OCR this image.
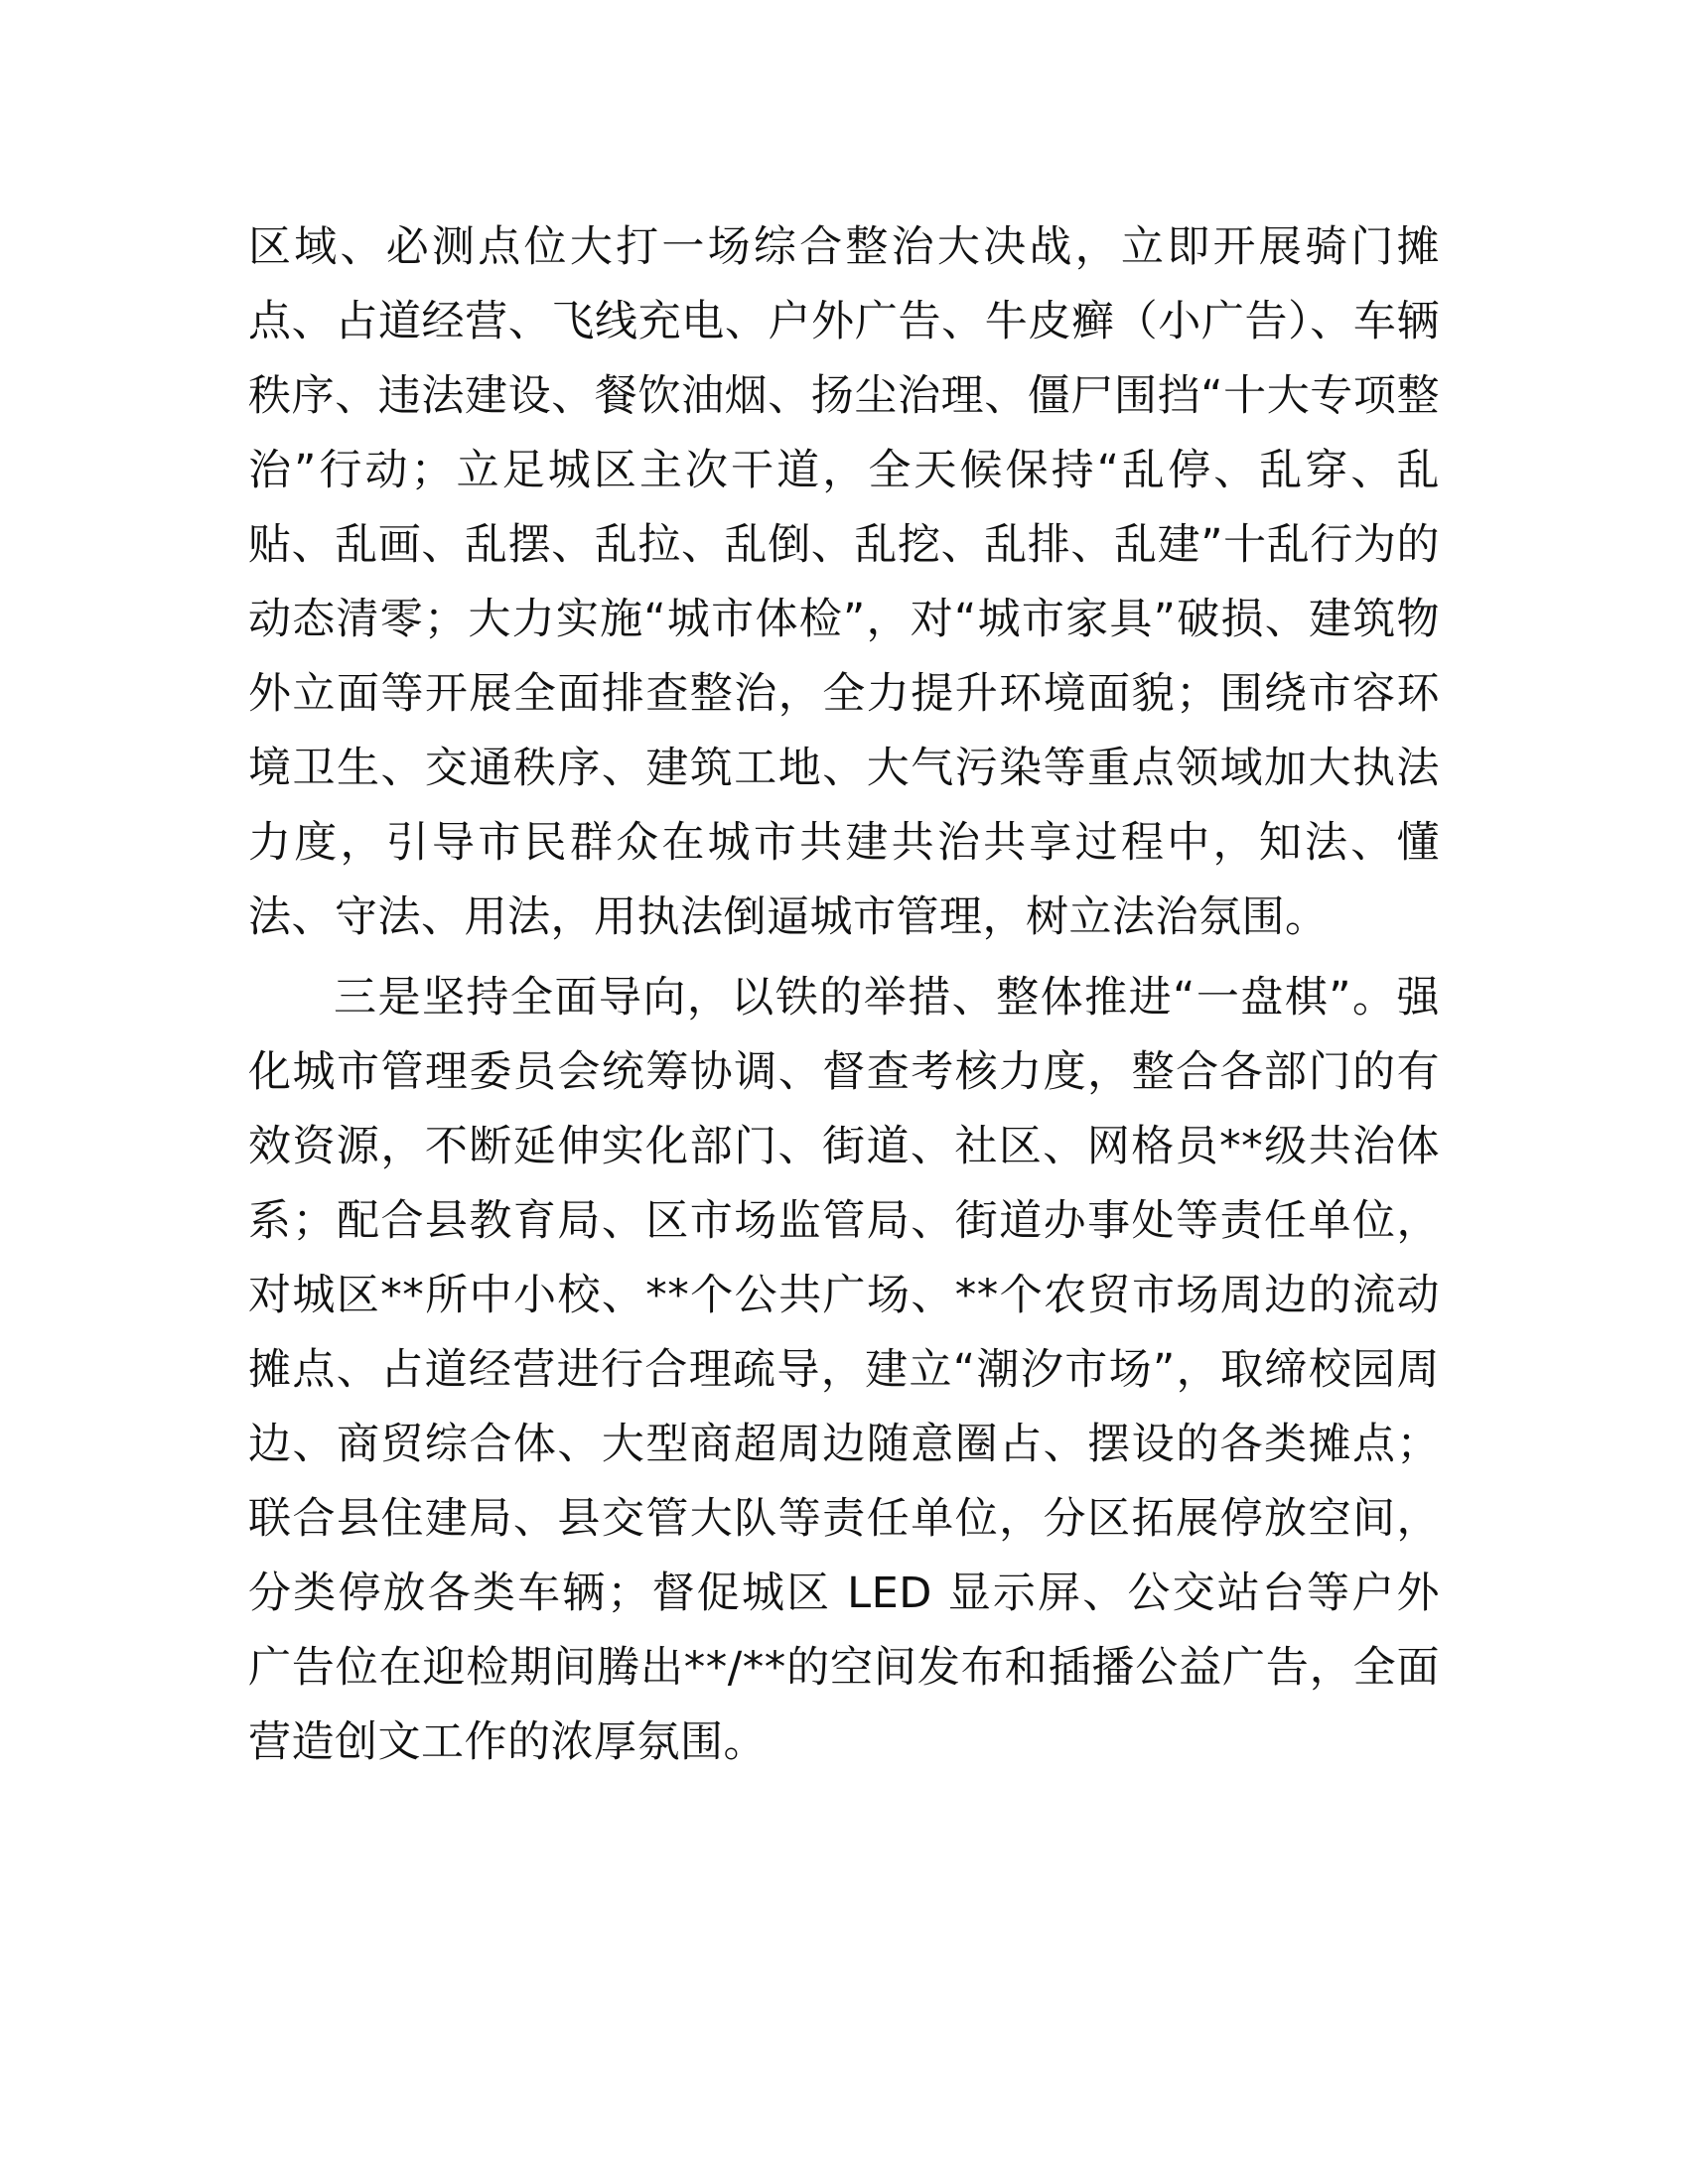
区域、必测点位大打一场综合整治大决战，立即开展骑门摊点、占道经营、飞线充电、户外广告、牛皮癣（小广告）、车辆秩序、违法建设、餐饮油烟、扬尘治理、僵尸围挡“十大专项整治”行动；立足城区主次干道，全天候保持“乱停、乱穿、乱贴、乱画、乱摆、乱拉、乱倒、乱挖、乱排、乱建”十乱行为的动态清零；大力实施“城市体检”，对“城市家具”破损、建筑物外立面等开展全面排查整治，全力提升环境面貌；围绕市容环境卫生、交通秩序、建筑工地、大气污染等重点领域加大执法力度，引导市民群众在城市共建共治共享过程中，知法、懂法、守法、用法，用执法倒逼城市管理，树立法治氛围。

三是坚持全面导向，以铁的举措、整体推进“一盘棋”。强化城市管理委员会统筹协调、督查考核力度，整合各部门的有效资源，不断延伸实化部门、街道、社区、网格员**级共治体系；配合县教育局、区市场监管局、街道办事处等责任单位，对城区**所中小校、**个公共广场、**个农贸市场周边的流动摊点、占道经营进行合理疏导，建立“潮汐市场”，取缔校园周边、商贸综合体、大型商超周边随意圈占、摆设的各类摊点；联合县住建局、县交管大队等责任单位，分区拓展停放空间，分类停放各类车辆；督促城区 LED 显示屏、公交站台等户外广告位在迎检期间腾出**/**的空间发布和插播公益广告，全面营造创文工作的浓厚氛围。
